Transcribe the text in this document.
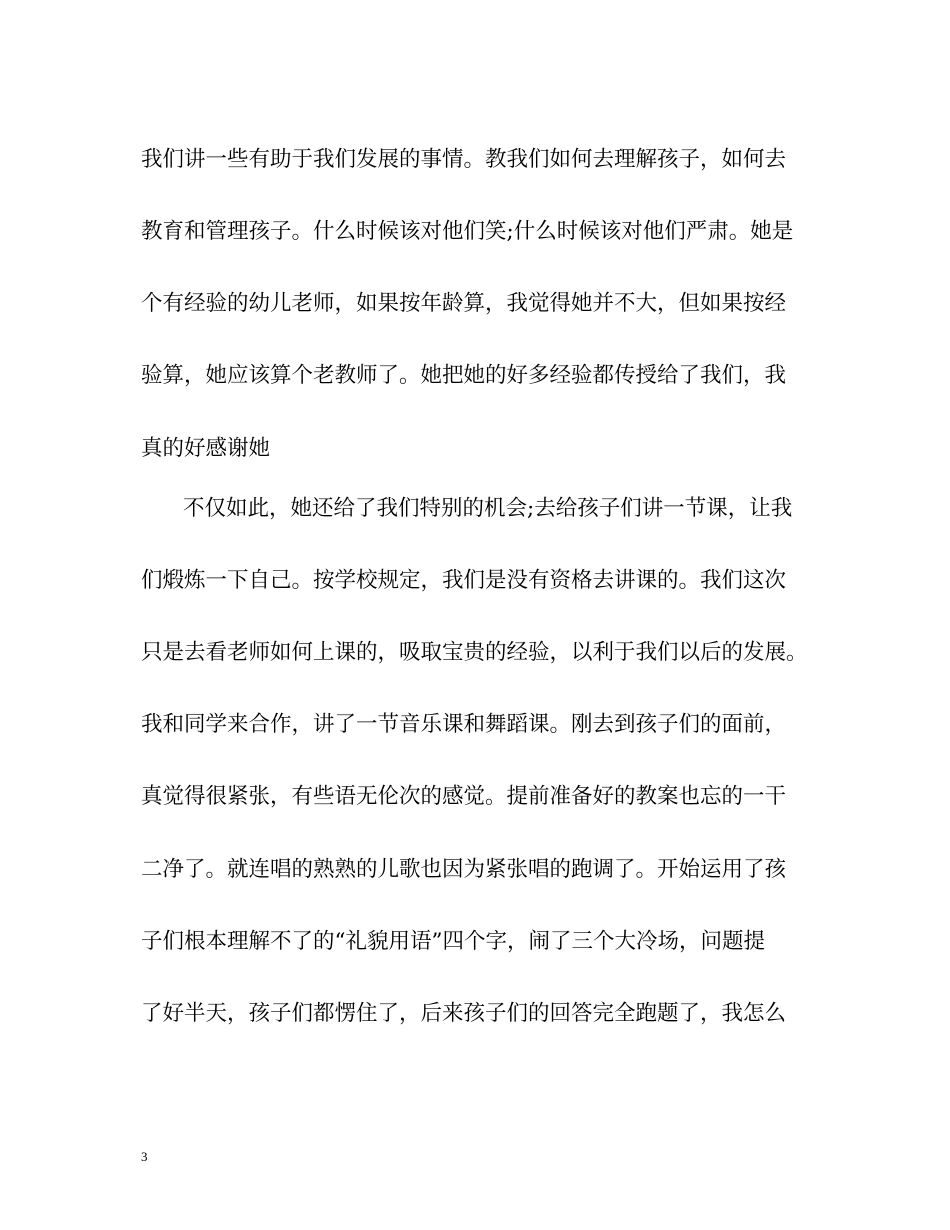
我们讲一些有助于我们发展的事情。教我们如何去理解孩子，如何去
教育和管理孩子。什么时候该对他们笑;什么时候该对他们严肃。她是
个有经验的幼儿老师，如果按年龄算，我觉得她并不大，但如果按经
验算，她应该算个老教师了。她把她的好多经验都传授给了我们，我
真的好感谢她
不仅如此，她还给了我们特别的机会;去给孩子们讲一节课，让我
们煅炼一下自己。按学校规定，我们是没有资格去讲课的。我们这次
只是去看老师如何上课的，吸取宝贵的经验，以利于我们以后的发展。
我和同学来合作，讲了一节音乐课和舞蹈课。刚去到孩子们的面前，
真觉得很紧张，有些语无伦次的感觉。提前准备好的教案也忘的一干
二净了。就连唱的熟熟的儿歌也因为紧张唱的跑调了。开始运用了孩
子们根本理解不了的“礼貌用语”四个字，闹了三个大冷场，问题提
了好半天，孩子们都愣住了，后来孩子们的回答完全跑题了，我怎么
3
